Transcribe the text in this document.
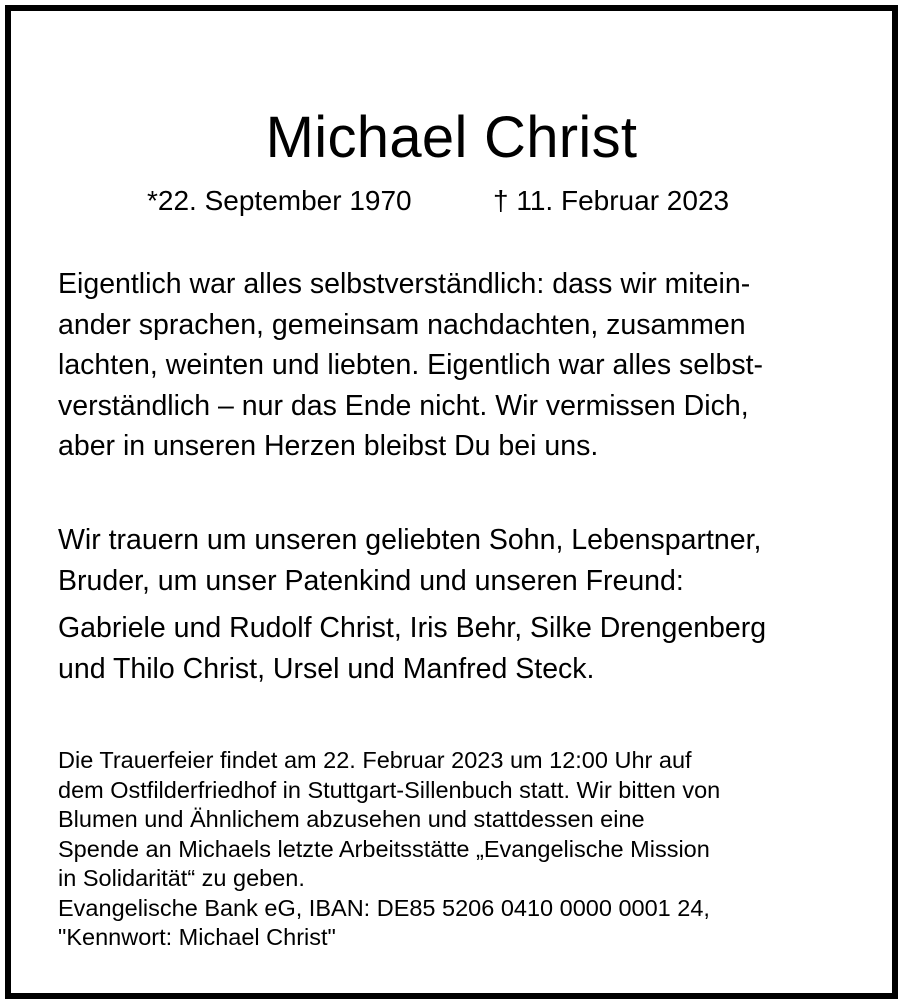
Michael Christ
*22. September 1970	† 11. Februar 2023
Eigentlich war alles selbstverständlich: dass wir mitein-
ander sprachen, gemeinsam nachdachten, zusammen
lachten, weinten und liebten. Eigentlich war alles selbst-
verständlich – nur das Ende nicht. Wir vermissen Dich,
aber in unseren Herzen bleibst Du bei uns.
Wir trauern um unseren geliebten Sohn, Lebenspartner,
Bruder, um unser Patenkind und unseren Freund:
Gabriele und Rudolf Christ, Iris Behr, Silke Drengenberg
und Thilo Christ, Ursel und Manfred Steck.
Die Trauerfeier findet am 22. Februar 2023 um 12:00 Uhr auf
dem Ostfilderfriedhof in Stuttgart-Sillenbuch statt. Wir bitten von
Blumen und Ähnlichem abzusehen und stattdessen eine
Spende an Michaels letzte Arbeitsstätte „Evangelische Mission
in Solidarität“ zu geben.
Evangelische Bank eG, IBAN: DE85 5206 0410 0000 0001 24,
"Kennwort: Michael Christ"
